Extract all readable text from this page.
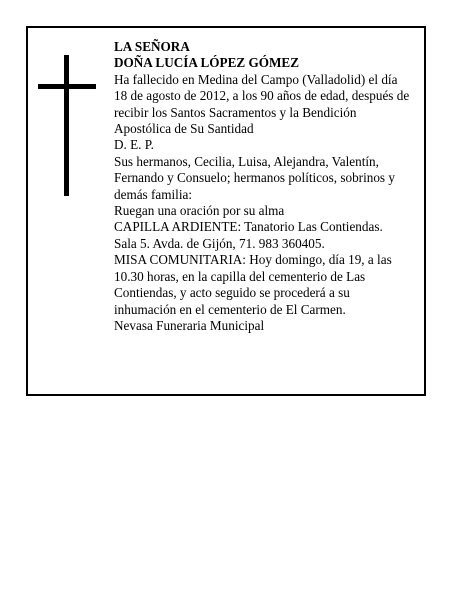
LA SEÑORA
DOÑA LUCÍA LÓPEZ GÓMEZ
Ha fallecido en Medina del Campo (Valladolid) el día
18 de agosto de 2012, a los 90 años de edad, después de
recibir los Santos Sacramentos y la Bendición
Apostólica de Su Santidad
D. E. P.
Sus hermanos, Cecilia, Luisa, Alejandra, Valentín,
Fernando y Consuelo; hermanos políticos, sobrinos y
demás familia:
Ruegan una oración por su alma
CAPILLA ARDIENTE: Tanatorio Las Contiendas.
Sala 5. Avda. de Gijón, 71. 983 360405.
MISA COMUNITARIA: Hoy domingo, día 19, a las
10.30 horas, en la capilla del cementerio de Las
Contiendas, y acto seguido se procederá a su
inhumación en el cementerio de El Carmen.
Nevasa Funeraria Municipal
